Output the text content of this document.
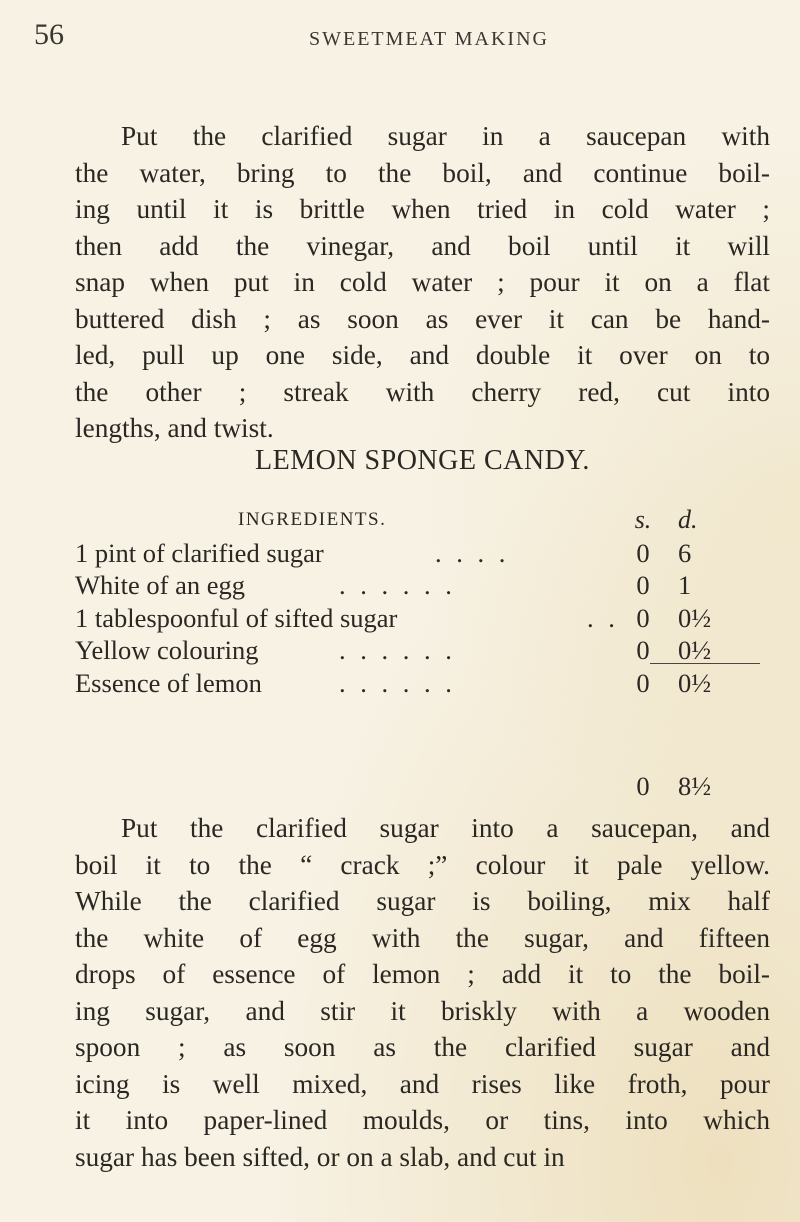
56	SWEETMEAT MAKING
Put the clarified sugar in a saucepan with
the water, bring to the boil, and continue boil-
ing until it is brittle when tried in cold water ;
then add the vinegar, and boil until it will
snap when put in cold water ; pour it on a flat
buttered dish ; as soon as ever it can be hand-
led, pull up one side, and double it over on to
the other ; streak with cherry red, cut into
lengths, and twist.
LEMON SPONGE CANDY.
INGREDIENTS.	s. d.
1 pint of clarified sugar	. . . .	0 6
White of an egg	. . . . . .	0 1
1 tablespoonful of sifted sugar	. . 0 0½
Yellow colouring	. . . . . .	0 0½
Essence of lemon	. . . . . .	0 0½
0 8½
Put the clarified sugar into a saucepan, and
boil it to the “ crack ;” colour it pale yellow.
While the clarified sugar is boiling, mix half
the white of egg with the sugar, and fifteen
drops of essence of lemon ; add it to the boil-
ing sugar, and stir it briskly with a wooden
spoon ; as soon as the clarified sugar and
icing is well mixed, and rises like froth, pour
it into paper-lined moulds, or tins, into which
sugar has been sifted, or on a slab, and cut in
